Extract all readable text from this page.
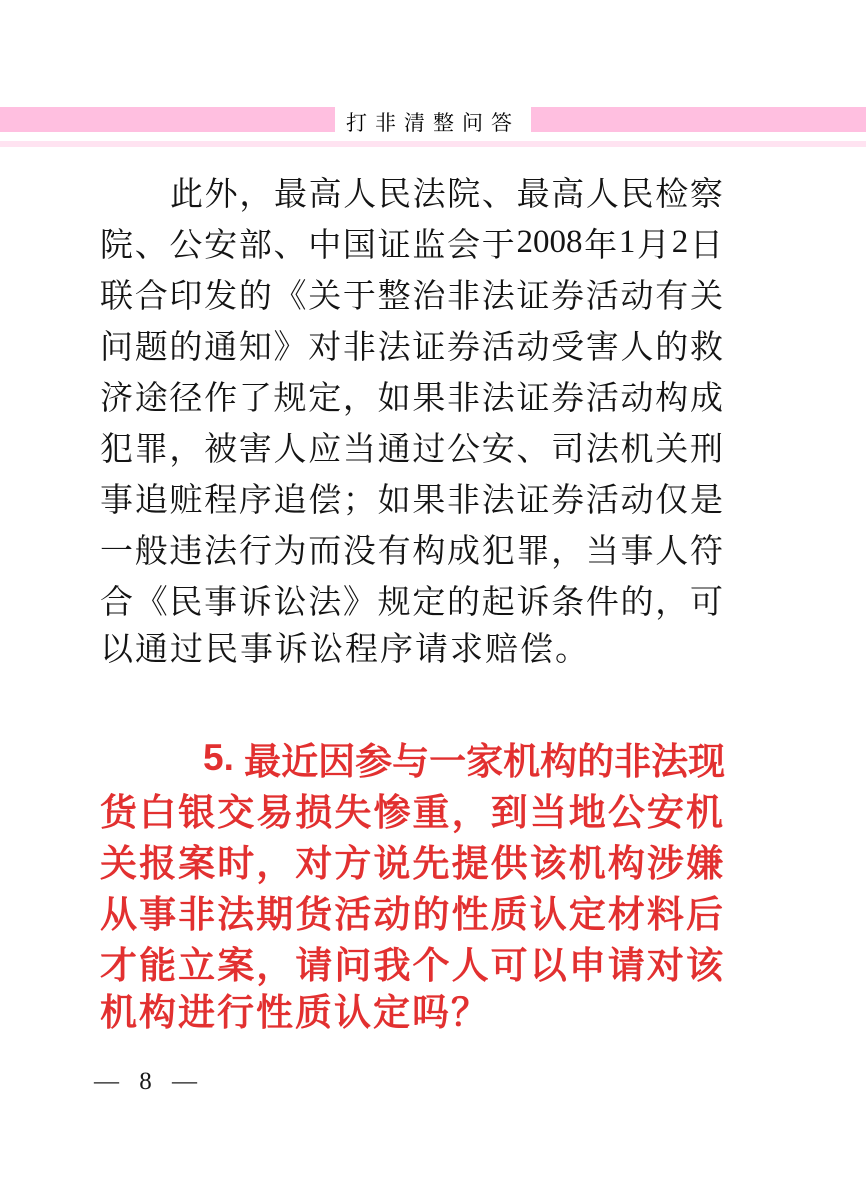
打非清整问答
此 外 ， 最 高 人 民 法 院 、 最 高 人 民 检 察
院 、 公 安 部 、 中 国 证 监 会 于 2008 年 1 月 2 日
联 合 印 发 的 《 关 于 整 治 非 法 证 券 活 动 有 关
问 题 的 通 知 》 对 非 法 证 券 活 动 受 害 人 的 救
济 途 径 作 了 规 定 ， 如 果 非 法 证 券 活 动 构 成
犯 罪 ， 被 害 人 应 当 通 过 公 安 、 司 法 机 关 刑
事 追 赃 程 序 追 偿 ； 如 果 非 法 证 券 活 动 仅 是
一 般 违 法 行 为 而 没 有 构 成 犯 罪 ， 当 事 人 符
合 《 民 事 诉 讼 法 》 规 定 的 起 诉 条 件 的 ， 可
以通过民事诉讼程序请求赔偿。
5. 最 近 因 参 与 一 家 机 构 的 非 法 现
货 白 银 交 易 损 失 惨 重 ， 到 当 地 公 安 机
关 报 案 时 ， 对 方 说 先 提 供 该 机 构 涉 嫌
从 事 非 法 期 货 活 动 的 性 质 认 定 材 料 后
才 能 立 案 ， 请 问 我 个 人 可 以 申 请 对 该
机构进行性质认定吗？
— 8 —
